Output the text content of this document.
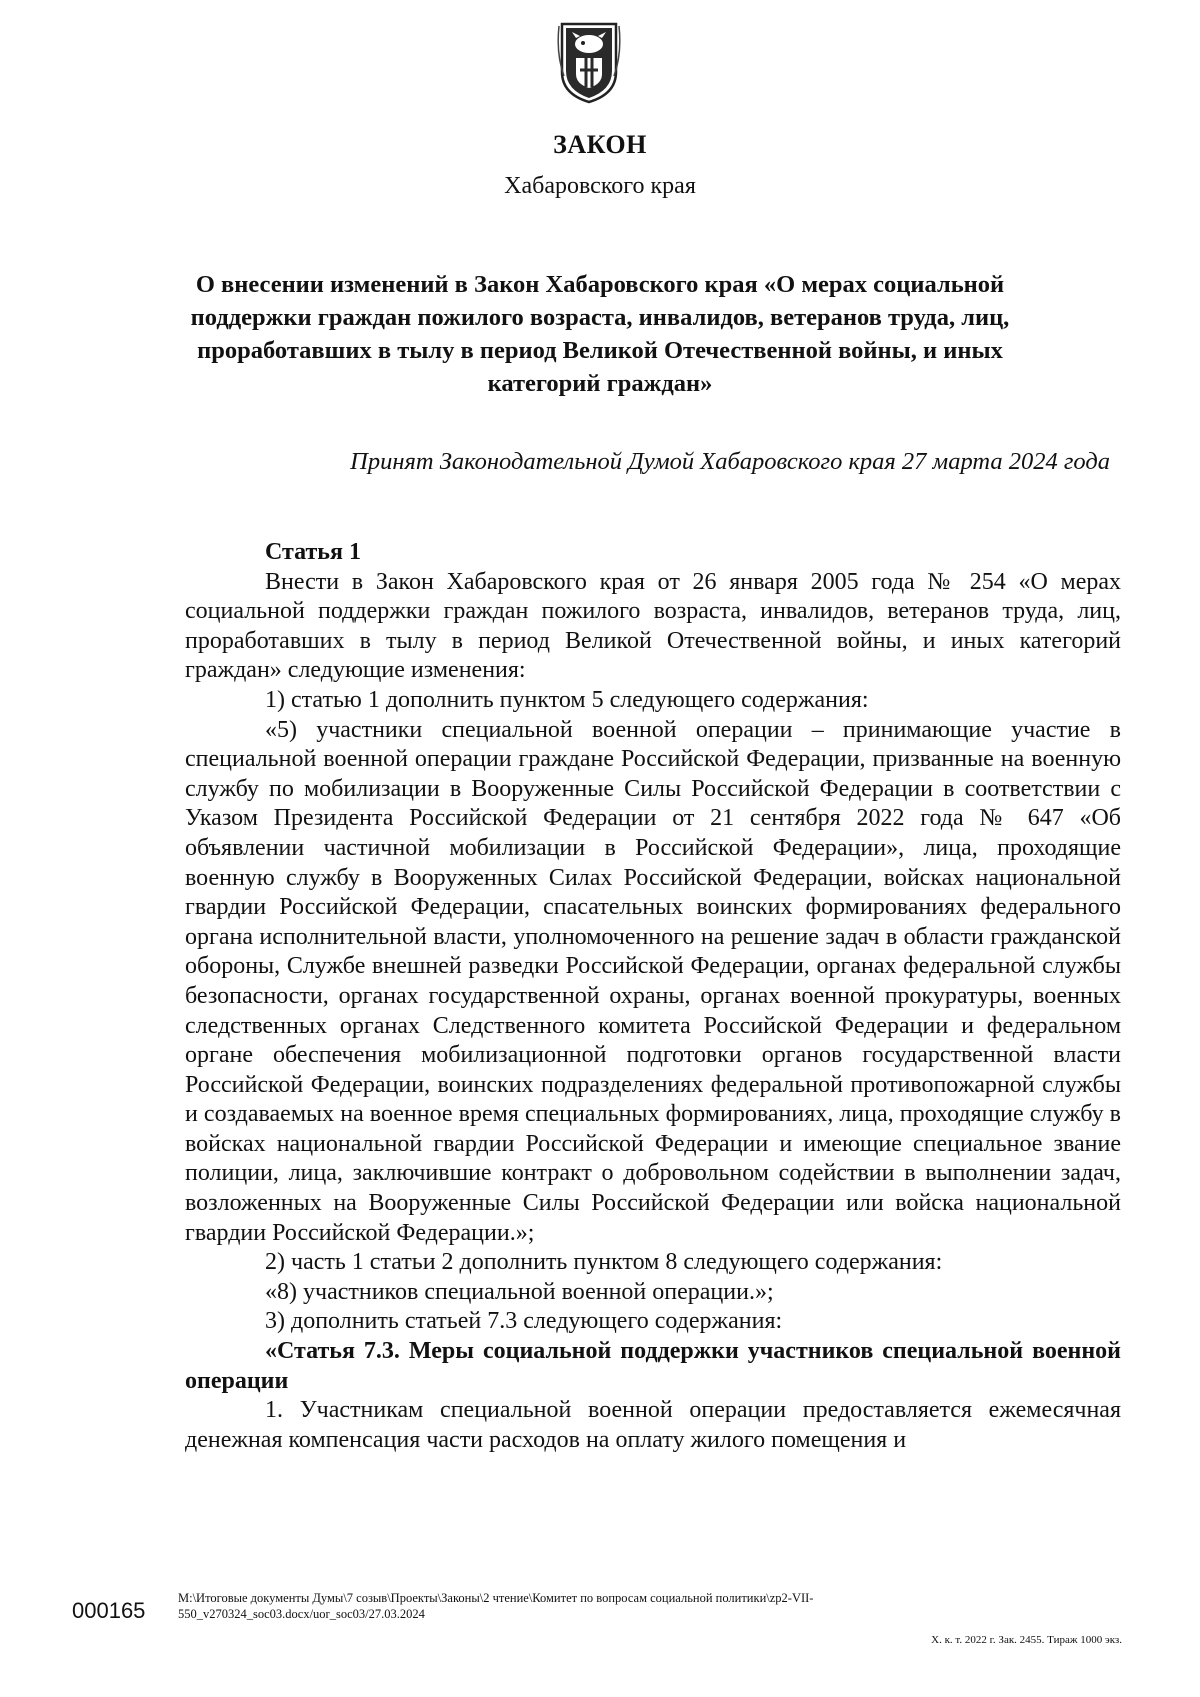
ЗАКОН
Хабаровского края
О внесении изменений в Закон Хабаровского края «О мерах социальной
поддержки граждан пожилого возраста, инвалидов, ветеранов труда, лиц,
проработавших в тылу в период Великой Отечественной войны, и иных
категорий граждан»
Принят Законодательной Думой Хабаровского края 27 марта 2024 года

Статья 1

Внести в Закон Хабаровского края от 26 января 2005 года № 254 «О мерах социальной поддержки граждан пожилого возраста, инвалидов, ветеранов труда, лиц, проработавших в тылу в период Великой Отечественной войны, и иных категорий граждан» следующие изменения:

1) статью 1 дополнить пунктом 5 следующего содержания:

«5) участники специальной военной операции – принимающие участие в специальной военной операции граждане Российской Федерации, призванные на военную службу по мобилизации в Вооруженные Силы Российской Федерации в соответствии с Указом Президента Российской Федерации от 21 сентября 2022 года № 647 «Об объявлении частичной мобилизации в Российской Федерации», лица, проходящие военную службу в Вооруженных Силах Российской Федерации, войсках национальной гвардии Российской Федерации, спасательных воинских формированиях федерального органа исполнительной власти, уполномоченного на решение задач в области гражданской обороны, Службе внешней разведки Российской Федерации, органах федеральной службы безопасности, органах государственной охраны, органах военной прокуратуры, военных следственных органах Следственного комитета Российской Федерации и федеральном органе обеспечения мобилизационной подготовки органов государственной власти Российской Федерации, воинских подразделениях федеральной противопожарной службы и создаваемых на военное время специальных формированиях, лица, проходящие службу в войсках национальной гвардии Российской Федерации и имеющие специальное звание полиции, лица, заключившие контракт о добровольном содействии в выполнении задач, возложенных на Вооруженные Силы Российской Федерации или войска национальной гвардии Российской Федерации.»;

2) часть 1 статьи 2 дополнить пунктом 8 следующего содержания:

«8) участников специальной военной операции.»;

3) дополнить статьей 7.3 следующего содержания:

«Статья 7.3. Меры социальной поддержки участников специальной военной операции

1. Участникам специальной военной операции предоставляется ежемесячная денежная компенсация части расходов на оплату жилого помещения и

000165	M:\Итоговые документы Думы\7 созыв\Проекты\Законы\2 чтение\Комитет по вопросам социальной политики\zp2-VII-
550_v270324_soc03.docx/uor_soc03/27.03.2024
Х. к. т. 2022 г. Зак. 2455. Тираж 1000 экз.
